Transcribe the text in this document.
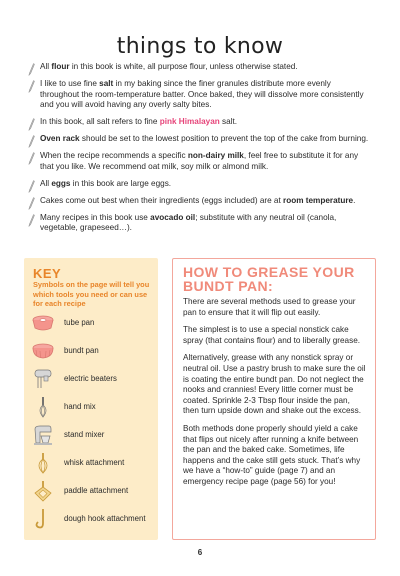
things to know
All flour in this book is white, all purpose flour, unless otherwise stated.
I like to use fine salt in my baking since the finer granules distribute more evenly throughout the room-temperature batter. Once baked, they will dissolve more consistently and you will avoid having any overly salty bites.
In this book, all salt refers to fine pink Himalayan salt.
Oven rack should be set to the lowest position to prevent the top of the cake from burning.
When the recipe recommends a specific non-dairy milk, feel free to substitute it for any that you like. We recommend oat milk, soy milk or almond milk.
All eggs in this book are large eggs.
Cakes come out best when their ingredients (eggs included) are at room temperature.
Many recipes in this book use avocado oil; substitute with any neutral oil (canola, vegetable, grapeseed…).
KEY
Symbols on the page will tell you which tools you need or can use for each recipe
tube pan
bundt pan
electric beaters
hand mix
stand mixer
whisk attachment
paddle attachment
dough hook attachment
HOW TO GREASE YOUR BUNDT PAN:

There are several methods used to grease your pan to ensure that it will flip out easily.

The simplest is to use a special nonstick cake spray (that contains flour) and to liberally grease.

Alternatively, grease with any nonstick spray or neutral oil. Use a pastry brush to make sure the oil is coating the entire bundt pan. Do not neglect the nooks and crannies! Every little corner must be coated. Sprinkle 2-3 Tbsp flour inside the pan, then turn upside down and shake out the excess.

Both methods done properly should yield a cake that flips out nicely after running a knife between the pan and the baked cake. Sometimes, life happens and the cake still gets stuck. That’s why we have a “how-to” guide (page 7) and an emergency recipe page (page 56) for you!

6
